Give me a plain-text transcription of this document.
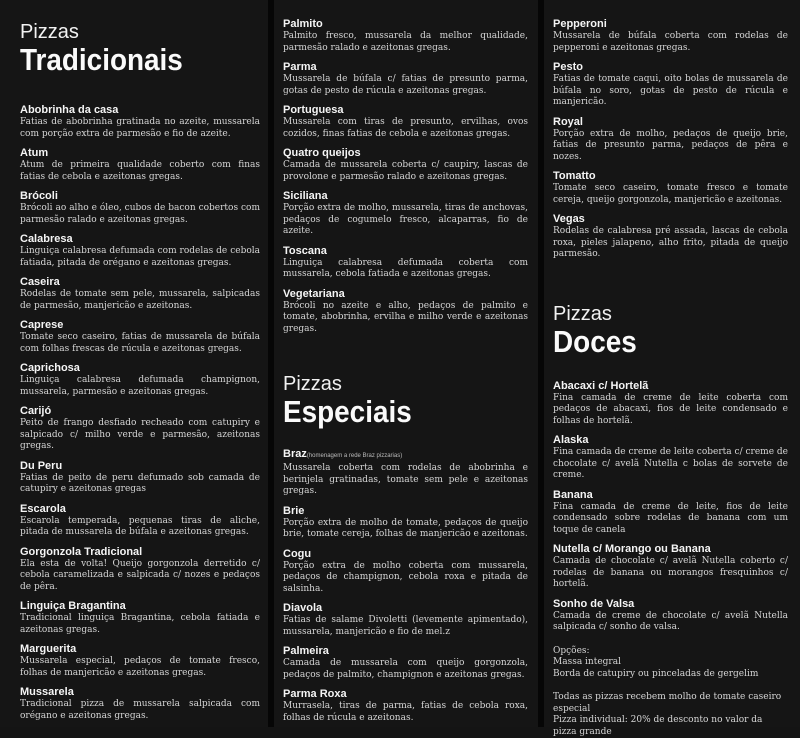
Pizzas
Tradicionais
Abobrinha da casa
Fatias de abobrinha gratinada no azeite, mussarela com porção extra de parmesão e fio de azeite.
Atum
Atum de primeira qualidade coberto com finas fatias de cebola e azeitonas gregas.
Brócoli
Brócoli ao alho e óleo, cubos de bacon cobertos com parmesão ralado e azeitonas gregas.
Calabresa
Linguiça calabresa defumada com rodelas de cebola fatiada, pitada de orégano e azeitonas gregas.
Caseira
Rodelas de tomate sem pele, mussarela, salpicadas de parmesão, manjericão e azeitonas.
Caprese
Tomate seco caseiro, fatias de mussarela de búfala com folhas frescas de rúcula e azeitonas gregas.
Caprichosa
Linguiça calabresa defumada champignon, mussarela, parmesão e azeitonas gregas.
Carijó
Peito de frango desfiado recheado com catupiry e salpicado c/ milho verde e parmesão, azeitonas gregas.
Du Peru
Fatias de peito de peru defumado sob camada de catupiry e azeitonas gregas
Escarola
Escarola temperada, pequenas tiras de aliche, pitada de mussarela de búfala e azeitonas gregas.
Gorgonzola Tradicional
Ela esta de volta! Queijo gorgonzola derretido c/ cebola caramelizada e salpicada c/ nozes e pedaços de pêra.
Linguiça Bragantina
Tradicional linguiça Bragantina, cebola fatiada e azeitonas gregas.
Marguerita
Mussarela especial, pedaços de tomate fresco, folhas de manjericão e azeitonas gregas.
Mussarela
Tradicional pizza de mussarela salpicada com orégano e azeitonas gregas.
Palmito
Palmito fresco, mussarela da melhor qualidade, parmesão ralado e azeitonas gregas.
Parma
Mussarela de búfala c/ fatias de presunto parma, gotas de pesto de rúcula e azeitonas gregas.
Portuguesa
Mussarela com tiras de presunto, ervilhas, ovos cozidos, finas fatias de cebola e azeitonas gregas.
Quatro queijos
Camada de mussarela coberta c/ caupiry, lascas de provolone e parmesão ralado e azeitonas gregas.
Siciliana
Porção extra de molho, mussarela, tiras de anchovas, pedaços de cogumelo fresco, alcaparras, fio de azeite.
Toscana
Linguiça calabresa defumada coberta com mussarela, cebola fatiada e azeitonas gregas.
Vegetariana
Brócoli no azeite e alho, pedaços de palmito e tomate, abobrinha, ervilha e milho verde e azeitonas gregas.
Pizzas
Especiais
Braz(homenagem a rede Braz pizzarias)
Mussarela coberta com rodelas de abobrinha e berinjela gratinadas, tomate sem pele e azeitonas gregas.
Brie
Porção extra de molho de tomate, pedaços de queijo brie, tomate cereja, folhas de manjericão e azeitonas.
Cogu
Porção extra de molho coberta com mussarela, pedaços de champignon, cebola roxa e pitada de salsinha.
Diavola
Fatias de salame Divoletti (levemente apimentado), mussarela, manjericão e fio de mel.z
Palmeira
Camada de mussarela com queijo gorgonzola, pedaços de palmito, champignon e azeitonas gregas.
Parma Roxa
Murrasela, tiras de parma, fatias de cebola roxa, folhas de rúcula e azeitonas.
Pepperoni
Mussarela de búfala coberta com rodelas de pepperoni e azeitonas gregas.
Pesto
Fatias de tomate caqui, oito bolas de mussarela de búfala no soro, gotas de pesto de rúcula e manjericão.
Royal
Porção extra de molho, pedaços de queijo brie, fatias de presunto parma, pedaços de pêra e nozes.
Tomatto
Tomate seco caseiro, tomate fresco e tomate cereja, queijo gorgonzola, manjericão e azeitonas.
Vegas
Rodelas de calabresa pré assada, lascas de cebola roxa, pieles jalapeno, alho frito, pitada de queijo parmesão.
Pizzas
Doces
Abacaxi c/ Hortelã
Fina camada de creme de leite coberta com pedaços de abacaxi, fios de leite condensado e folhas de hortelã.
Alaska
Fina camada de creme de leite coberta c/ creme de chocolate c/ avelã Nutella c bolas de sorvete de creme.
Banana
Fina camada de creme de leite, fios de leite condensado sobre rodelas de banana com um toque de canela
Nutella c/ Morango ou Banana
Camada de chocolate c/ avelã Nutella coberto c/ rodelas de banana ou morangos fresquinhos c/ hortelã.
Sonho de Valsa
Camada de creme de chocolate c/ avelã Nutella salpicada c/ sonho de valsa.
Opções:
Massa integral
Borda de catupiry ou pinceladas de gergelim
Todas as pizzas recebem molho de tomate caseiro especial
Pizza individual: 20% de desconto no valor da pizza grande
